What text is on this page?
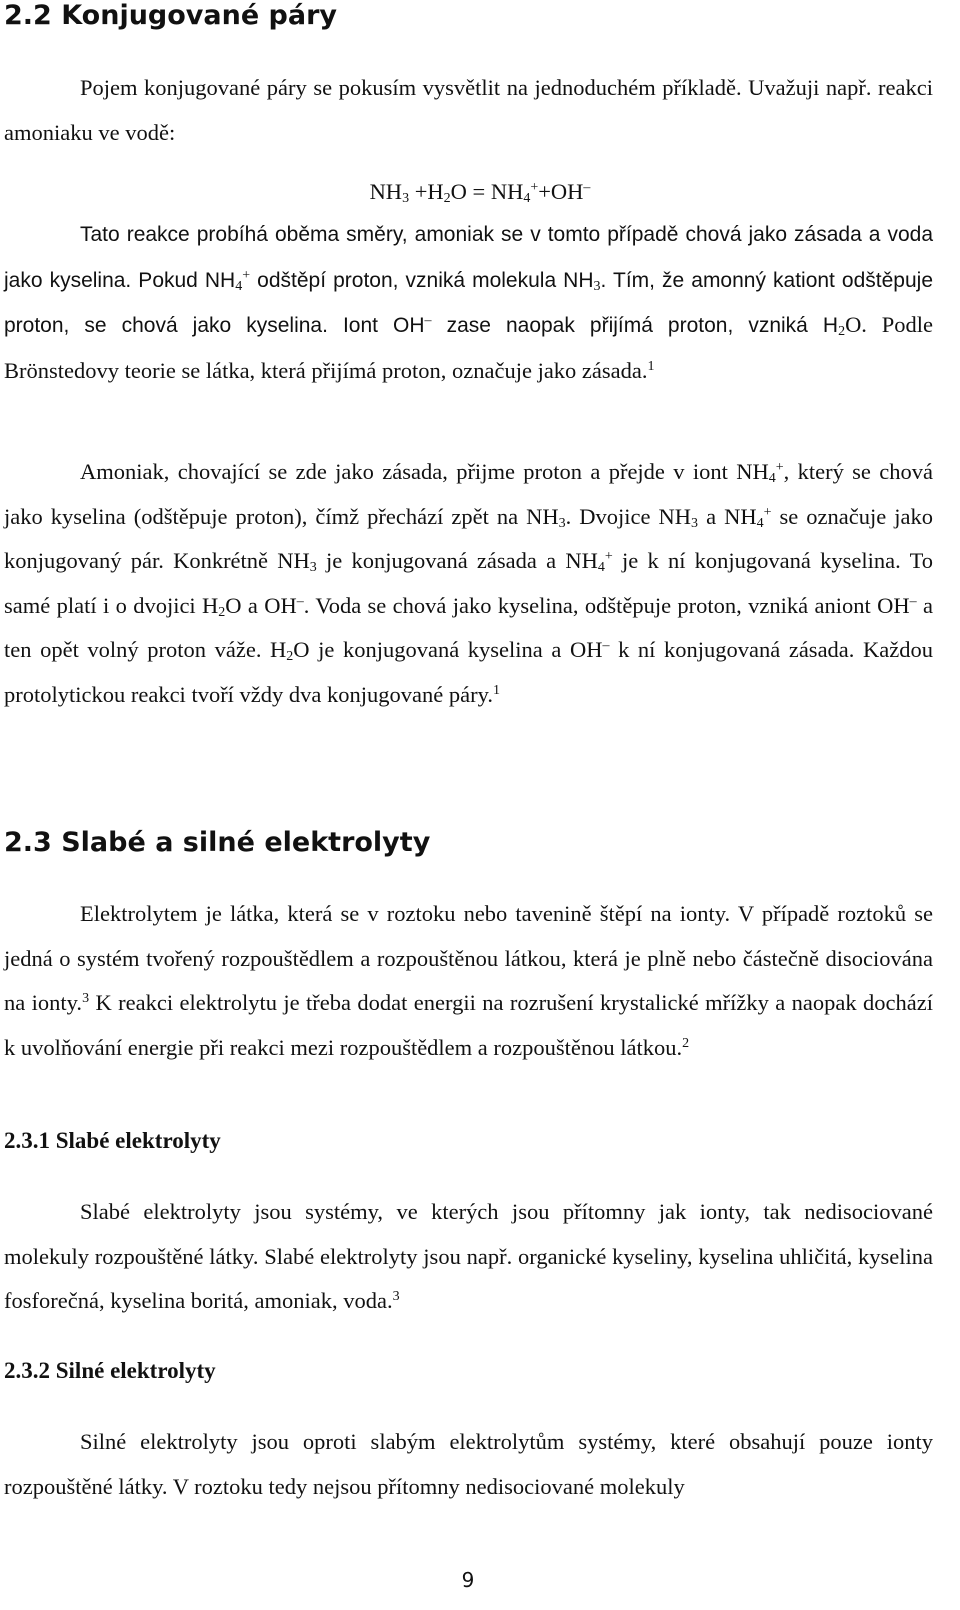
2.2 Konjugované páry

Pojem konjugované páry se pokusím vysvětlit na jednoduchém příkladě. Uvažuji např. reakci amoniaku ve vodě:

$NH_3 +H_2O = NH_4^++OH^-$

Tato reakce probíhá oběma směry, amoniak se v tomto případě chová jako zásada a voda jako kyselina. Pokud $NH_4^+$ odštěpí proton, vzniká molekula $NH_3$. Tím, že amonný kationt odštěpuje proton, se chová jako kyselina. Iont OH– zase naopak přijímá proton, vzniká $H_2O$. Podle Brönstedovy teorie se látka, která přijímá proton, označuje jako zásada.$^1$

Amoniak, chovající se zde jako zásada, přijme proton a přejde v iont $NH_4^+$, který se chová jako kyselina (odštěpuje proton), čímž přechází zpět na $NH_3$. Dvojice $NH_3$ a $NH_4^+$ se označuje jako konjugovaný pár. Konkrétně $NH_3$ je konjugovaná zásada a $NH_4^+$ je k ní konjugovaná kyselina. To samé platí i o dvojici $H_2O$ a OH–. Voda se chová jako kyselina, odštěpuje proton, vzniká aniont OH– a ten opět volný proton váže. $H_2O$ je konjugovaná kyselina a OH– k ní konjugovaná zásada. Každou protolytickou reakci tvoří vždy dva konjugované páry.$^1$

2.3 Slabé a silné elektrolyty

Elektrolytem je látka, která se v roztoku nebo tavenině štěpí na ionty. V případě roztoků se jedná o systém tvořený rozpouštědlem a rozpouštěnou látkou, která je plně nebo částečně disociována na ionty.$^3$ K reakci elektrolytu je třeba dodat energii na rozrušení krystalické mřížky a naopak dochází k uvolňování energie při reakci mezi rozpouštědlem a rozpouštěnou látkou.$^2$

2.3.1 Slabé elektrolyty

Slabé elektrolyty jsou systémy, ve kterých jsou přítomny jak ionty, tak nedisociované molekuly rozpouštěné látky. Slabé elektrolyty jsou např. organické kyseliny, kyselina uhličitá, kyselina fosforečná, kyselina boritá, amoniak, voda.$^3$

2.3.2 Silné elektrolyty

Silné elektrolyty jsou oproti slabým elektrolytům systémy, které obsahují pouze ionty rozpouštěné látky. V roztoku tedy nejsou přítomny nedisociované molekuly

9
